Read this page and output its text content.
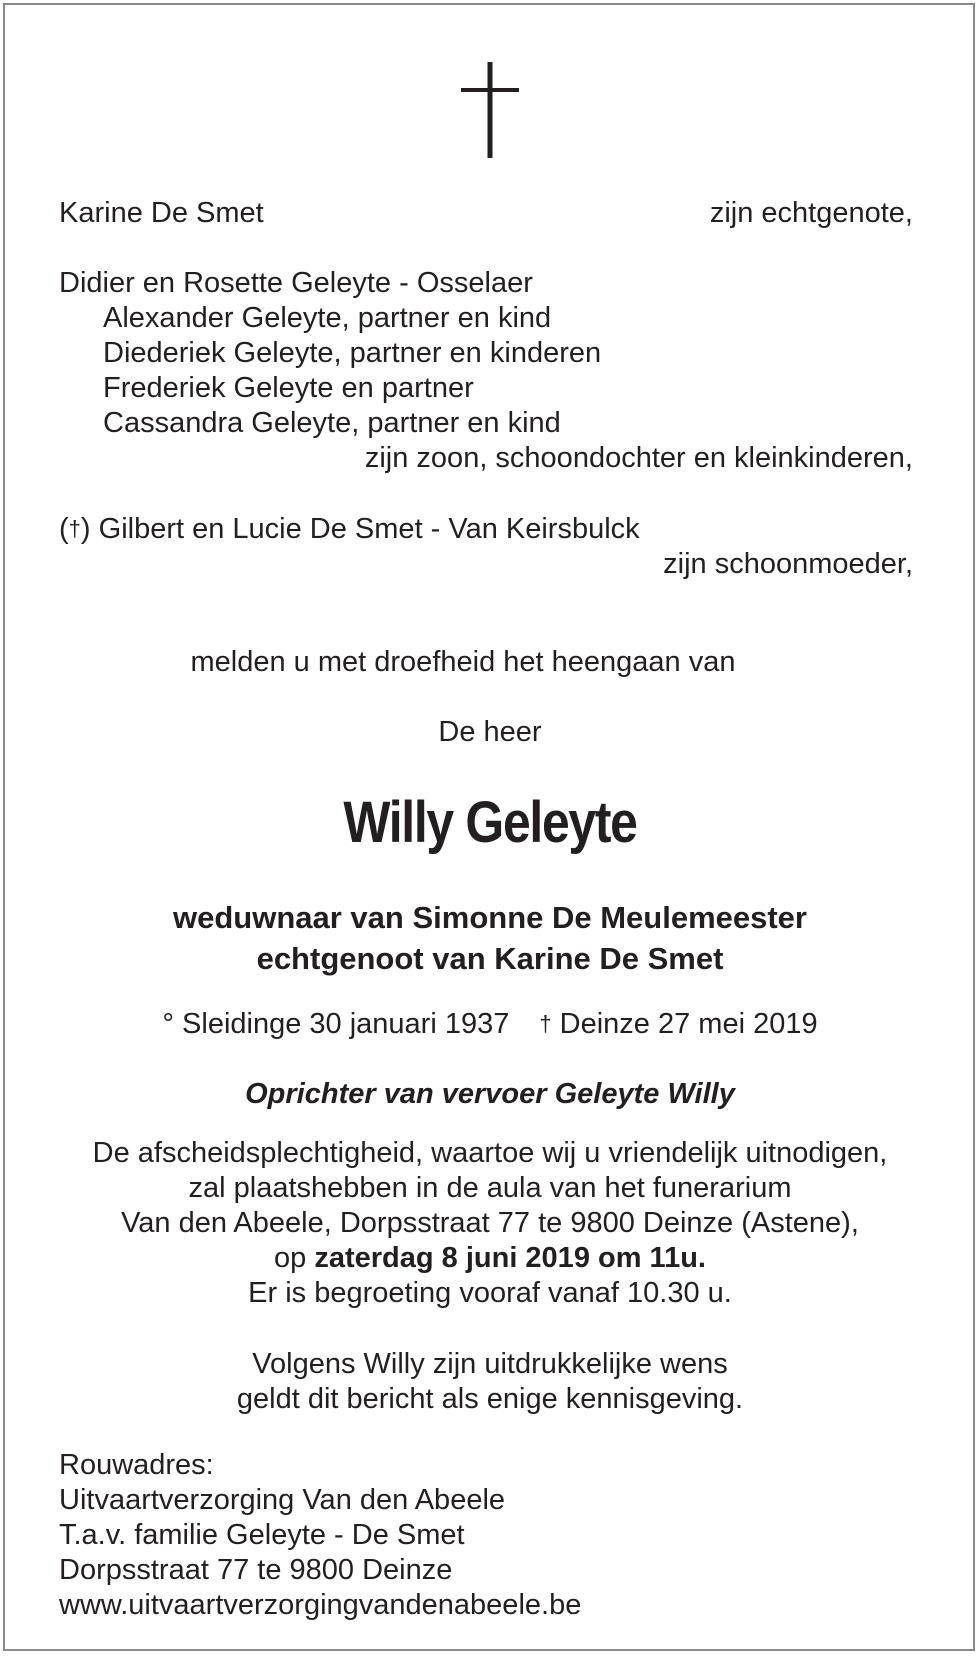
Karine De Smet	zijn echtgenote,
Didier en Rosette Geleyte - Osselaer
Alexander Geleyte, partner en kind
Diederiek Geleyte, partner en kinderen
Frederiek Geleyte en partner
Cassandra Geleyte, partner en kind
zijn zoon, schoondochter en kleinkinderen,
(†) Gilbert en Lucie De Smet - Van Keirsbulck
zijn schoonmoeder,
melden u met droefheid het heengaan van
De heer
Willy Geleyte
weduwnaar van Simonne De Meulemeester
echtgenoot van Karine De Smet
° Sleidinge 30 januari 1937 † Deinze 27 mei 2019
Oprichter van vervoer Geleyte Willy
De afscheidsplechtigheid, waartoe wij u vriendelijk uitnodigen,
zal plaatshebben in de aula van het funerarium
Van den Abeele, Dorpsstraat 77 te 9800 Deinze (Astene),
op zaterdag 8 juni 2019 om 11u.
Er is begroeting vooraf vanaf 10.30 u.
Volgens Willy zijn uitdrukkelijke wens
geldt dit bericht als enige kennisgeving.
Rouwadres:
Uitvaartverzorging Van den Abeele
T.a.v. familie Geleyte - De Smet
Dorpsstraat 77 te 9800 Deinze
www.uitvaartverzorgingvandenabeele.be
